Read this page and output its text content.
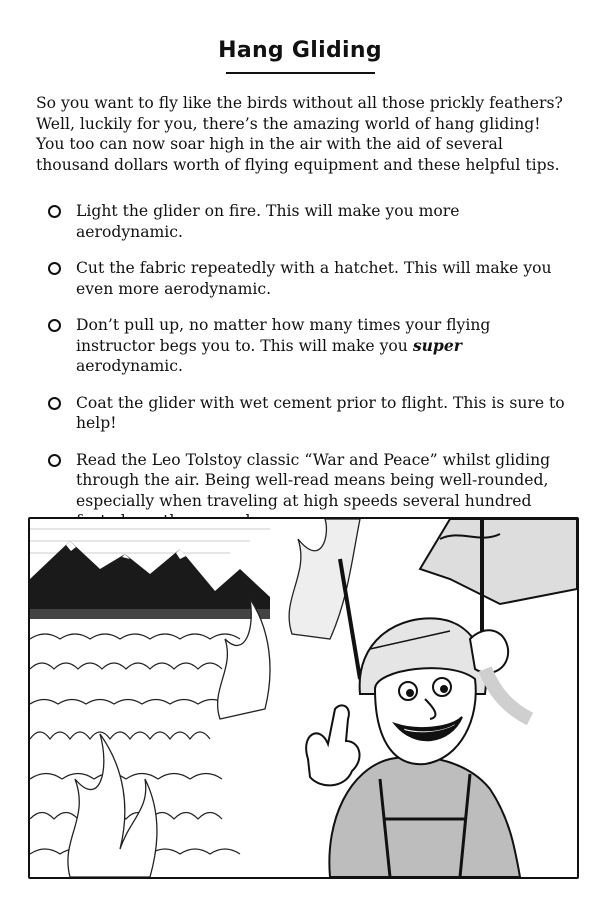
Hang Gliding

So you want to fly like the birds without all those prickly feathers? Well, luckily for you, there’s the amazing world of hang gliding! You too can now soar high in the air with the aid of several thousand dollars worth of flying equipment and these helpful tips.

Light the glider on fire. This will make you more aerodynamic.
Cut the fabric repeatedly with a hatchet. This will make you even more aerodynamic.
Don’t pull up, no matter how many times your flying instructor begs you to. This will make you super aerodynamic.
Coat the glider with wet cement prior to flight. This is sure to help!
Read the Leo Tolstoy classic “War and Peace” whilst gliding through the air. Being well-read means being well-rounded, especially when traveling at high speeds several hundred
